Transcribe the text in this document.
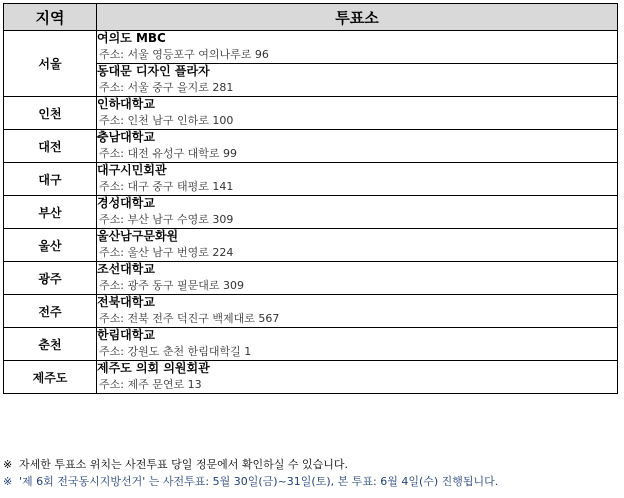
지역	투표소
서울	여의도 MBC
주소: 서울 영등포구 여의나루로 96
동대문 디자인 플라자
주소: 서울 중구 을지로 281

인천	인하대학교
주소: 인천 남구 인하로 100

대전	충남대학교
주소: 대전 유성구 대학로 99

대구	대구시민회관
주소: 대구 중구 태평로 141

부산	경성대학교
주소: 부산 남구 수영로 309

울산	울산남구문화원
주소: 울산 남구 번영로 224

광주	조선대학교
주소: 광주 동구 필문대로 309

전주	전북대학교
주소: 전북 전주 덕진구 백제대로 567

춘천	한림대학교
주소: 강원도 춘천 한림대학길 1

제주도	제주도 의회 의원회관
주소: 제주 문연로 13
※ 자세한 투표소 위치는 사전투표 당일 정문에서 확인하실 수 있습니다.
※ '제 6회 전국동시지방선거' 는 사전투표: 5월 30일(금)~31일(토), 본 투표: 6월 4일(수) 진행됩니다.
